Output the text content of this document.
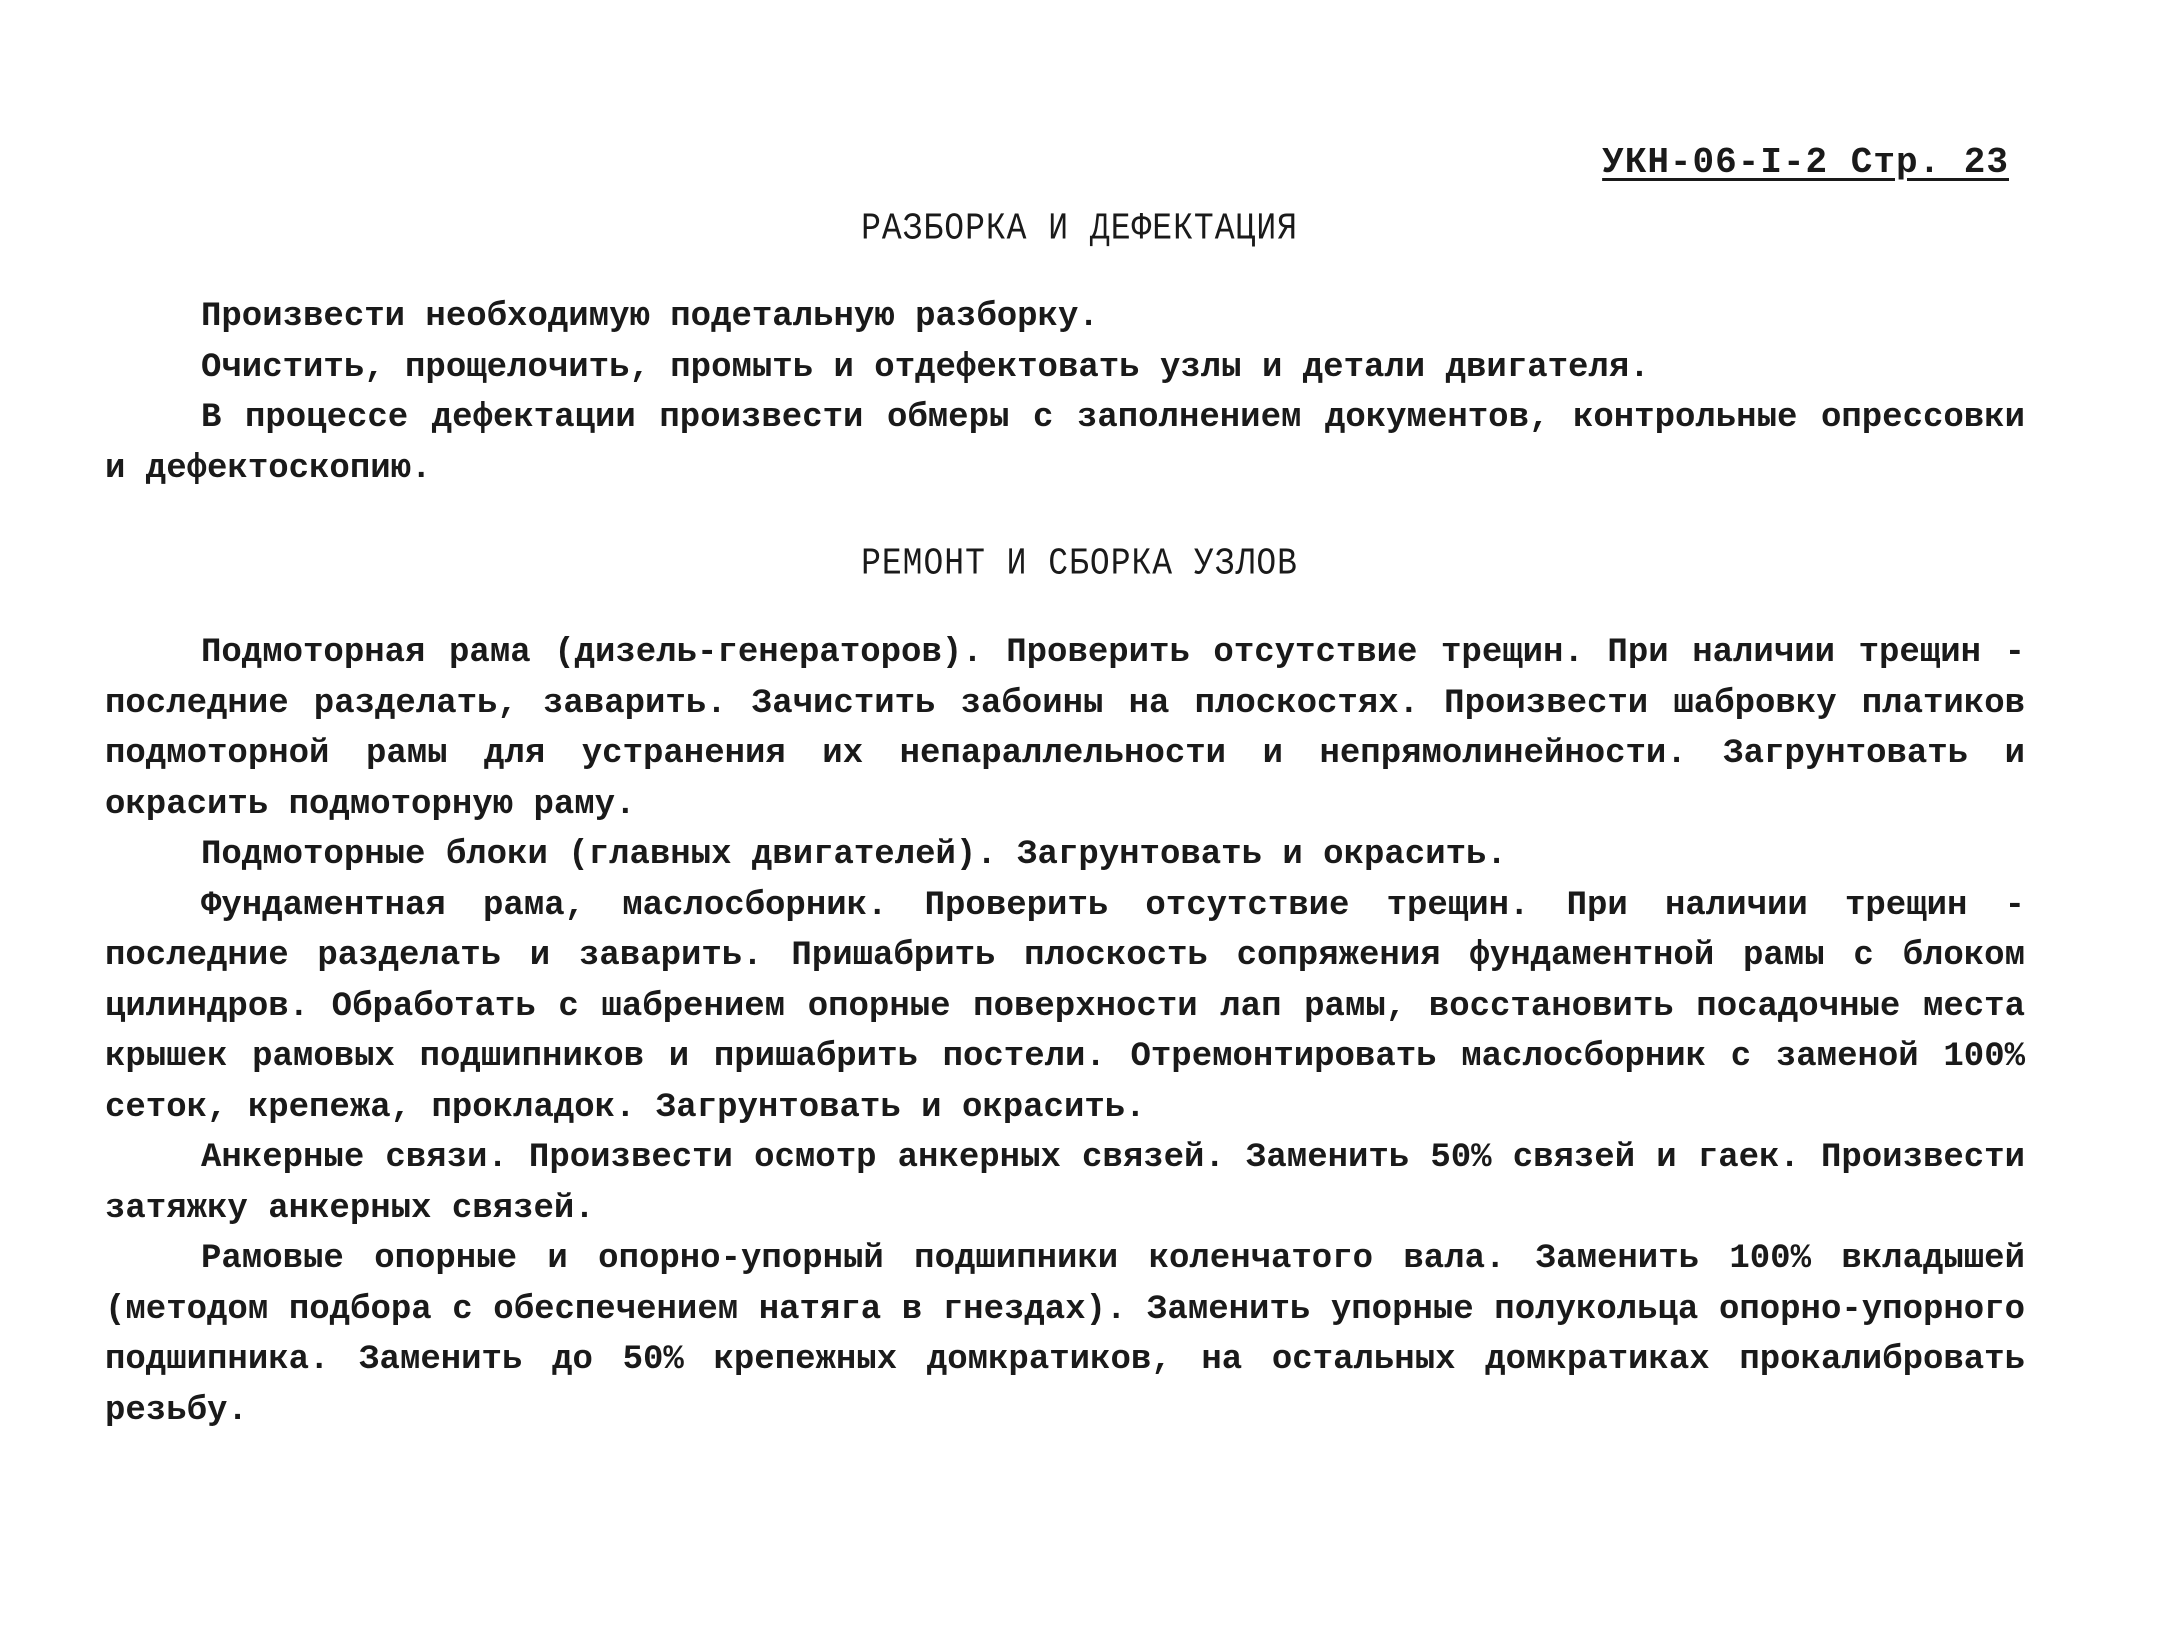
УКН-06-I-2 Стр. 23
РАЗБОРКА И ДЕФЕКТАЦИЯ

Произвести необходимую подетальную разборку.

Очистить, прощелочить, промыть и отдефектовать узлы и детали двигателя.

В процессе дефектации произвести обмеры с заполнением документов, контрольные опрессовки и дефектоскопию.

РЕМОНТ И СБОРКА УЗЛОВ

Подмоторная рама (дизель-генераторов). Проверить отсутствие трещин. При наличии трещин - последние разделать, заварить. Зачистить забоины на плоскостях. Произвести шабровку платиков подмоторной рамы для устранения их непараллельности и непрямолинейности. Загрунтовать и окрасить подмоторную раму.

Подмоторные блоки (главных двигателей). Загрунтовать и окрасить.

Фундаментная рама, маслосборник. Проверить отсутствие трещин. При наличии трещин - последние разделать и заварить. Пришабрить плоскость сопряжения фундаментной рамы с блоком цилиндров. Обработать с шабрением опорные поверхности лап рамы, восстановить посадочные места крышек рамовых подшипников и пришабрить постели. Отремонтировать маслосборник с заменой 100% сеток, крепежа, прокладок. Загрунтовать и окрасить.

Анкерные связи. Произвести осмотр анкерных связей. Заменить 50% связей и гаек. Произвести затяжку анкерных связей.

Рамовые опорные и опорно-упорный подшипники коленчатого вала. Заменить 100% вкладышей (методом подбора с обеспечением натяга в гнездах). Заменить упорные полукольца опорно-упорного подшипника. Заменить до 50% крепежных домкратиков, на остальных домкратиках прокалибровать резьбу.
